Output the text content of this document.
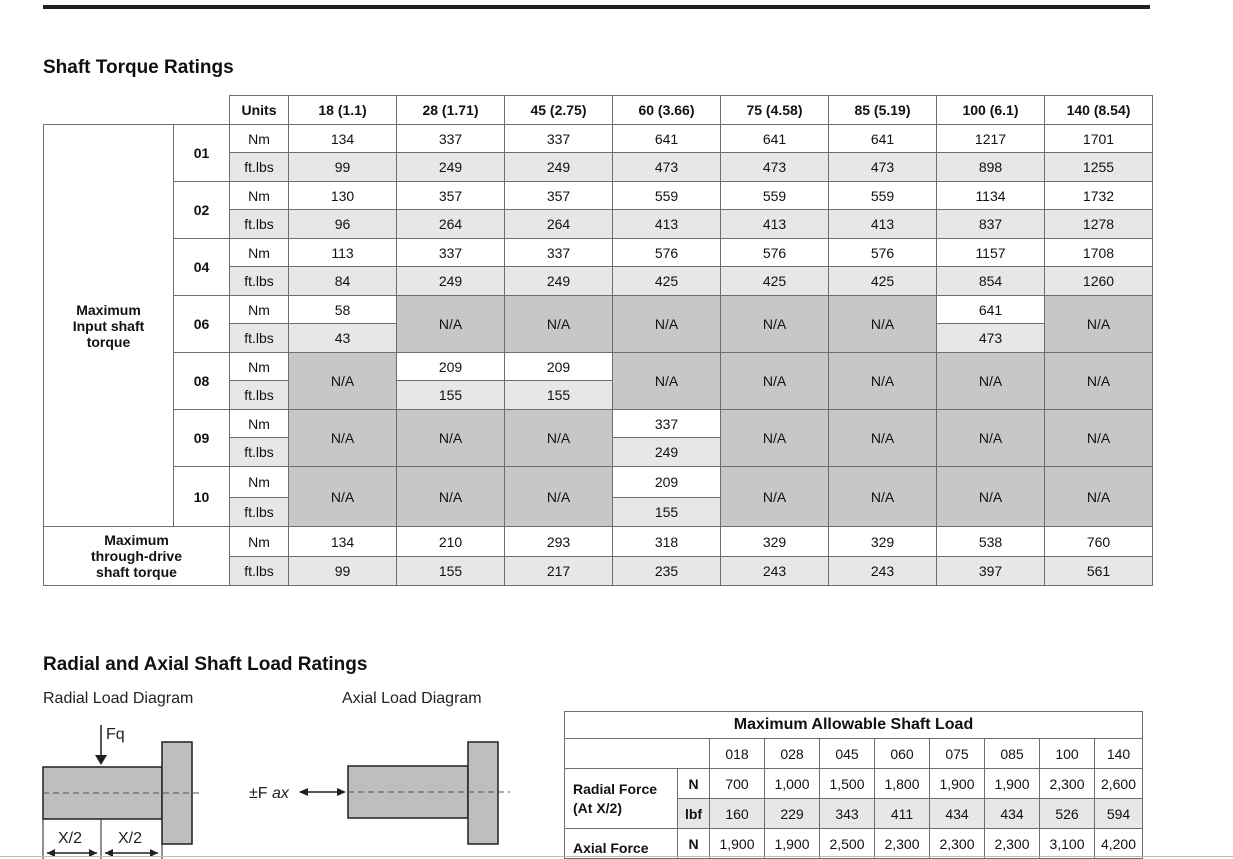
Shaft Torque Ratings
		Units	18 (1.1)	28 (1.71)	45 (2.75)	60 (3.66)	75 (4.58)	85 (5.19)	100 (6.1)	140 (8.54)
Maximum
Input shaft
torque	01	Nm	134	337	337	641	641	641	1217	1701
		ft.lbs	99	249	249	473	473	473	898	1255
	02	Nm	130	357	357	559	559	559	1134	1732
		ft.lbs	96	264	264	413	413	413	837	1278
	04	Nm	113	337	337	576	576	576	1157	1708
		ft.lbs	84	249	249	425	425	425	854	1260
	06	Nm	58	N/A	N/A	N/A	N/A	N/A	641	N/A
		ft.lbs	43						473	
	08	Nm	N/A	209	209	N/A	N/A	N/A	N/A	N/A
		ft.lbs		155	155					
	09	Nm	N/A	N/A	N/A	337	N/A	N/A	N/A	N/A
		ft.lbs				249				
	10	Nm	N/A	N/A	N/A	209	N/A	N/A	N/A	N/A
		ft.lbs				155				
Maximum
through-drive
shaft torque		Nm	134	210	293	318	329	329	538	760
		ft.lbs	99	155	217	235	243	243	397	561
Radial and Axial Shaft Load Ratings
Radial Load Diagram	Axial Load Diagram
Fq
X/2 X/2
±F ax
Maximum Allowable Shaft Load									
		018	028	045	060	075	085	100	140
Radial Force
(At X/2)	N	700	1,000	1,500	1,800	1,900	1,900	2,300	2,600
	lbf	160	229	343	411	434	434	526	594
Axial Force	N	1,900	1,900	2,500	2,300	2,300	2,300	3,100	4,200
